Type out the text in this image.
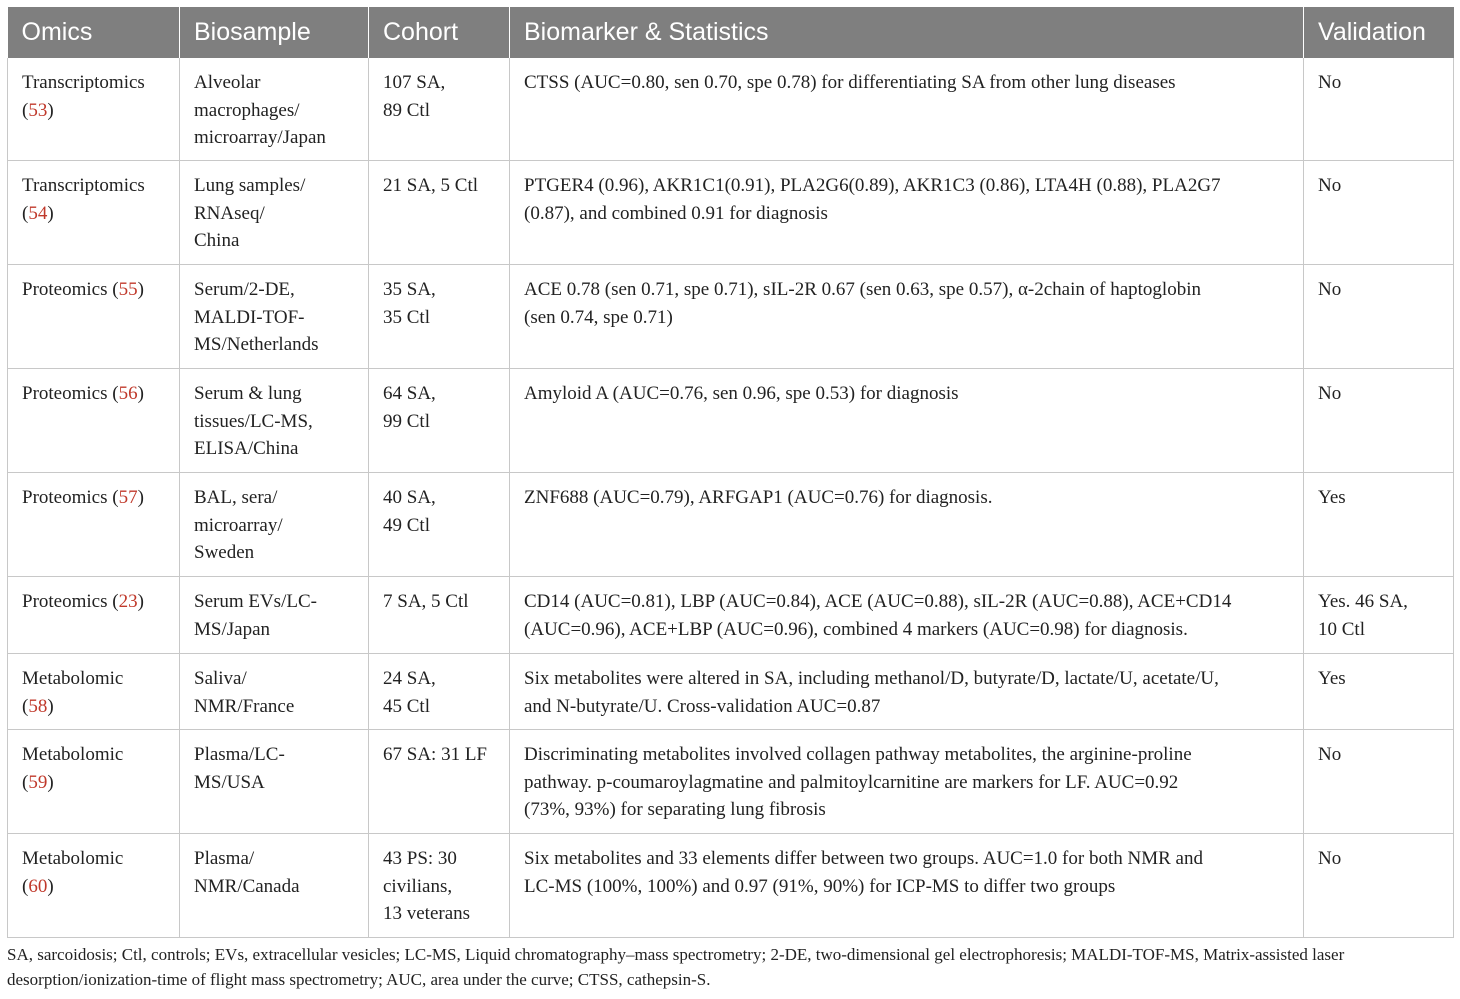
Omics	Biosample	Cohort	Biomarker & Statistics	Validation
Transcriptomics
(53)	Alveolar
macrophages/
microarray/Japan	107 SA,
89 Ctl	CTSS (AUC=0.80, sen 0.70, spe 0.78) for differentiating SA from other lung diseases	No

Transcriptomics
(54)	Lung samples/
RNAseq/
China	21 SA, 5 Ctl	PTGER4 (0.96), AKR1C1(0.91), PLA2G6(0.89), AKR1C3 (0.86), LTA4H (0.88), PLA2G7
(0.87), and combined 0.91 for diagnosis	No

Proteomics (55)	Serum/2-DE,
MALDI-TOF-
MS/Netherlands	35 SA,
35 Ctl	ACE 0.78 (sen 0.71, spe 0.71), sIL-2R 0.67 (sen 0.63, spe 0.57), α-2chain of haptoglobin
(sen 0.74, spe 0.71)	No

Proteomics (56)	Serum & lung
tissues/LC-MS,
ELISA/China	64 SA,
99 Ctl	Amyloid A (AUC=0.76, sen 0.96, spe 0.53) for diagnosis	No

Proteomics (57)	BAL, sera/
microarray/
Sweden	40 SA,
49 Ctl	ZNF688 (AUC=0.79), ARFGAP1 (AUC=0.76) for diagnosis.	Yes

Proteomics (23)	Serum EVs/LC-
MS/Japan	7 SA, 5 Ctl	CD14 (AUC=0.81), LBP (AUC=0.84), ACE (AUC=0.88), sIL-2R (AUC=0.88), ACE+CD14
(AUC=0.96), ACE+LBP (AUC=0.96), combined 4 markers (AUC=0.98) for diagnosis.	Yes. 46 SA,
10 Ctl

Metabolomic
(58)	Saliva/
NMR/France	24 SA,
45 Ctl	Six metabolites were altered in SA, including methanol/D, butyrate/D, lactate/U, acetate/U,
and N-butyrate/U. Cross-validation AUC=0.87	Yes

Metabolomic
(59)	Plasma/LC-
MS/USA	67 SA: 31 LF	Discriminating metabolites involved collagen pathway metabolites, the arginine-proline
pathway. p-coumaroylagmatine and palmitoylcarnitine are markers for LF. AUC=0.92
(73%, 93%) for separating lung fibrosis	No

Metabolomic
(60)	Plasma/
NMR/Canada	43 PS: 30
civilians,
13 veterans	Six metabolites and 33 elements differ between two groups. AUC=1.0 for both NMR and
LC-MS (100%, 100%) and 0.97 (91%, 90%) for ICP-MS to differ two groups	No
SA, sarcoidosis; Ctl, controls; EVs, extracellular vesicles; LC-MS, Liquid chromatography–mass spectrometry; 2-DE, two-dimensional gel electrophoresis; MALDI-TOF-MS, Matrix-assisted laser
desorption/ionization-time of flight mass spectrometry; AUC, area under the curve; CTSS, cathepsin-S.
